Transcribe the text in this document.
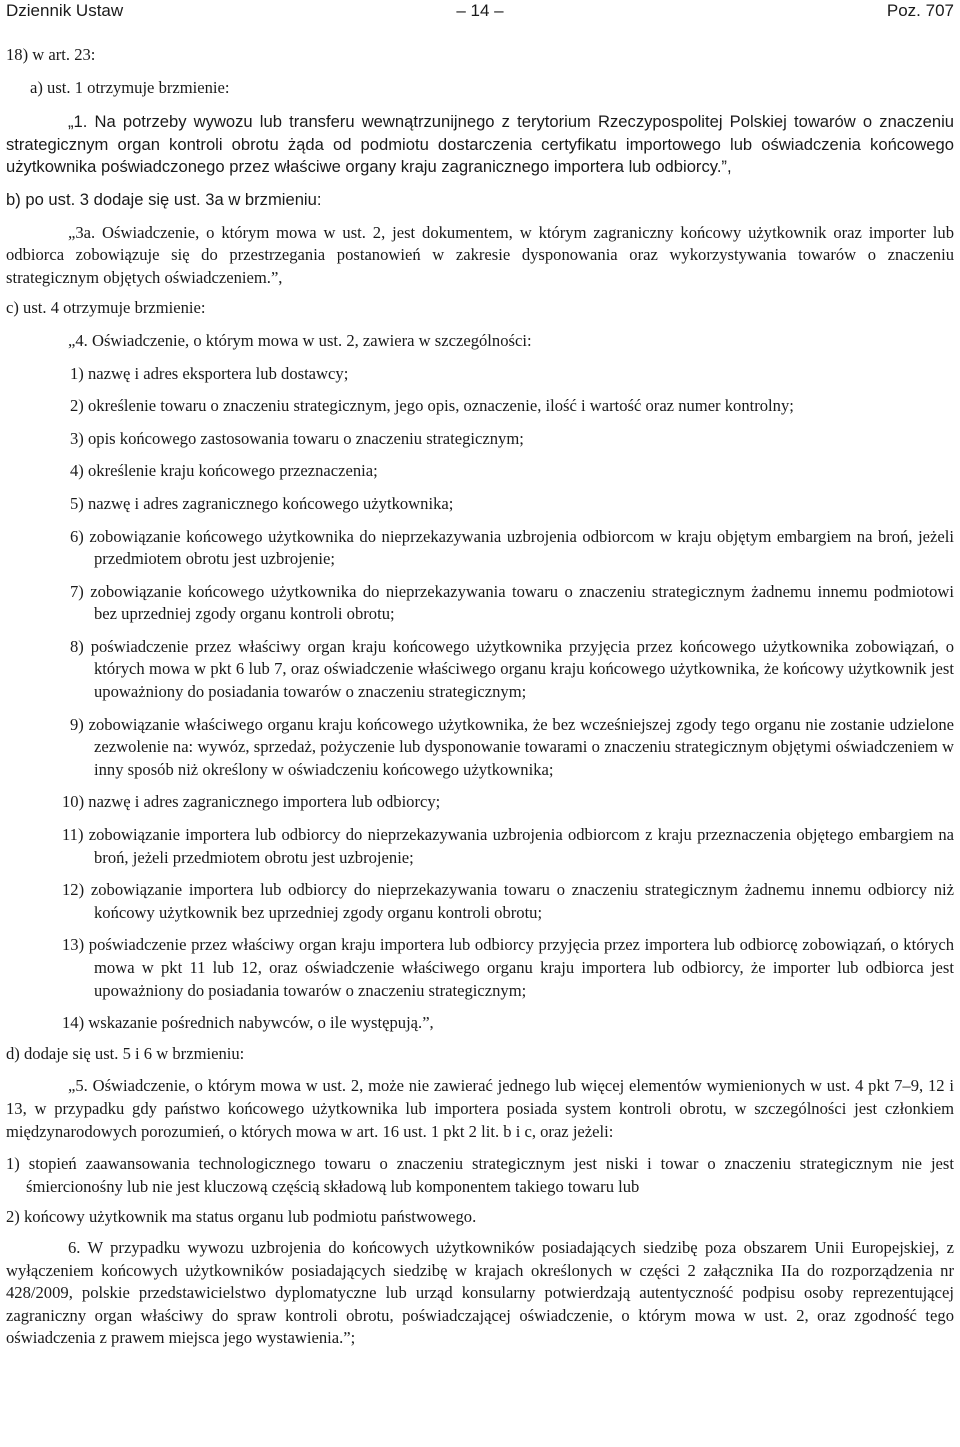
Dziennik Ustaw	– 14 –	Poz. 707

18) w art. 23:

a) ust. 1 otrzymuje brzmienie:

„1. Na potrzeby wywozu lub transferu wewnątrzunijnego z terytorium Rzeczypospolitej Polskiej towarów o znaczeniu strategicznym organ kontroli obrotu żąda od podmiotu dostarczenia certyfikatu importowego lub oświadczenia końcowego użytkownika poświadczonego przez właściwe organy kraju zagranicznego importera lub odbiorcy.”,

b) po ust. 3 dodaje się ust. 3a w brzmieniu:

„3a. Oświadczenie, o którym mowa w ust. 2, jest dokumentem, w którym zagraniczny końcowy użytkownik oraz importer lub odbiorca zobowiązuje się do przestrzegania postanowień w zakresie dysponowania oraz wykorzystywania towarów o znaczeniu strategicznym objętych oświadczeniem.”,

c) ust. 4 otrzymuje brzmienie:

„4. Oświadczenie, o którym mowa w ust. 2, zawiera w szczególności:

1) nazwę i adres eksportera lub dostawcy;

2) określenie towaru o znaczeniu strategicznym, jego opis, oznaczenie, ilość i wartość oraz numer kontrolny;

3) opis końcowego zastosowania towaru o znaczeniu strategicznym;

4) określenie kraju końcowego przeznaczenia;

5) nazwę i adres zagranicznego końcowego użytkownika;

6) zobowiązanie końcowego użytkownika do nieprzekazywania uzbrojenia odbiorcom w kraju objętym embargiem na broń, jeżeli przedmiotem obrotu jest uzbrojenie;

7) zobowiązanie końcowego użytkownika do nieprzekazywania towaru o znaczeniu strategicznym żadnemu innemu podmiotowi bez uprzedniej zgody organu kontroli obrotu;

8) poświadczenie przez właściwy organ kraju końcowego użytkownika przyjęcia przez końcowego użytkownika zobowiązań, o których mowa w pkt 6 lub 7, oraz oświadczenie właściwego organu kraju końcowego użytkownika, że końcowy użytkownik jest upoważniony do posiadania towarów o znaczeniu strategicznym;

9) zobowiązanie właściwego organu kraju końcowego użytkownika, że bez wcześniejszej zgody tego organu nie zostanie udzielone zezwolenie na: wywóz, sprzedaż, pożyczenie lub dysponowanie towarami o znaczeniu strategicznym objętymi oświadczeniem w inny sposób niż określony w oświadczeniu końcowego użytkownika;

10) nazwę i adres zagranicznego importera lub odbiorcy;

11) zobowiązanie importera lub odbiorcy do nieprzekazywania uzbrojenia odbiorcom z kraju przeznaczenia objętego embargiem na broń, jeżeli przedmiotem obrotu jest uzbrojenie;

12) zobowiązanie importera lub odbiorcy do nieprzekazywania towaru o znaczeniu strategicznym żadnemu innemu odbiorcy niż końcowy użytkownik bez uprzedniej zgody organu kontroli obrotu;

13) poświadczenie przez właściwy organ kraju importera lub odbiorcy przyjęcia przez importera lub odbiorcę zobowiązań, o których mowa w pkt 11 lub 12, oraz oświadczenie właściwego organu kraju importera lub odbiorcy, że importer lub odbiorca jest upoważniony do posiadania towarów o znaczeniu strategicznym;

14) wskazanie pośrednich nabywców, o ile występują.”,

d) dodaje się ust. 5 i 6 w brzmieniu:

„5. Oświadczenie, o którym mowa w ust. 2, może nie zawierać jednego lub więcej elementów wymienionych w ust. 4 pkt 7–9, 12 i 13, w przypadku gdy państwo końcowego użytkownika lub importera posiada system kontroli obrotu, w szczególności jest członkiem międzynarodowych porozumień, o których mowa w art. 16 ust. 1 pkt 2 lit. b i c, oraz jeżeli:

1) stopień zaawansowania technologicznego towaru o znaczeniu strategicznym jest niski i towar o znaczeniu strategicznym nie jest śmiercionośny lub nie jest kluczową częścią składową lub komponentem takiego towaru lub

2) końcowy użytkownik ma status organu lub podmiotu państwowego.

6. W przypadku wywozu uzbrojenia do końcowych użytkowników posiadających siedzibę poza obszarem Unii Europejskiej, z wyłączeniem końcowych użytkowników posiadających siedzibę w krajach określonych w części 2 załącznika IIa do rozporządzenia nr 428/2009, polskie przedstawicielstwo dyplomatyczne lub urząd konsularny potwierdzają autentyczność podpisu osoby reprezentującej zagraniczny organ właściwy do spraw kontroli obrotu, poświadczającej oświadczenie, o którym mowa w ust. 2, oraz zgodność tego oświadczenia z prawem miejsca jego wystawienia.”;
